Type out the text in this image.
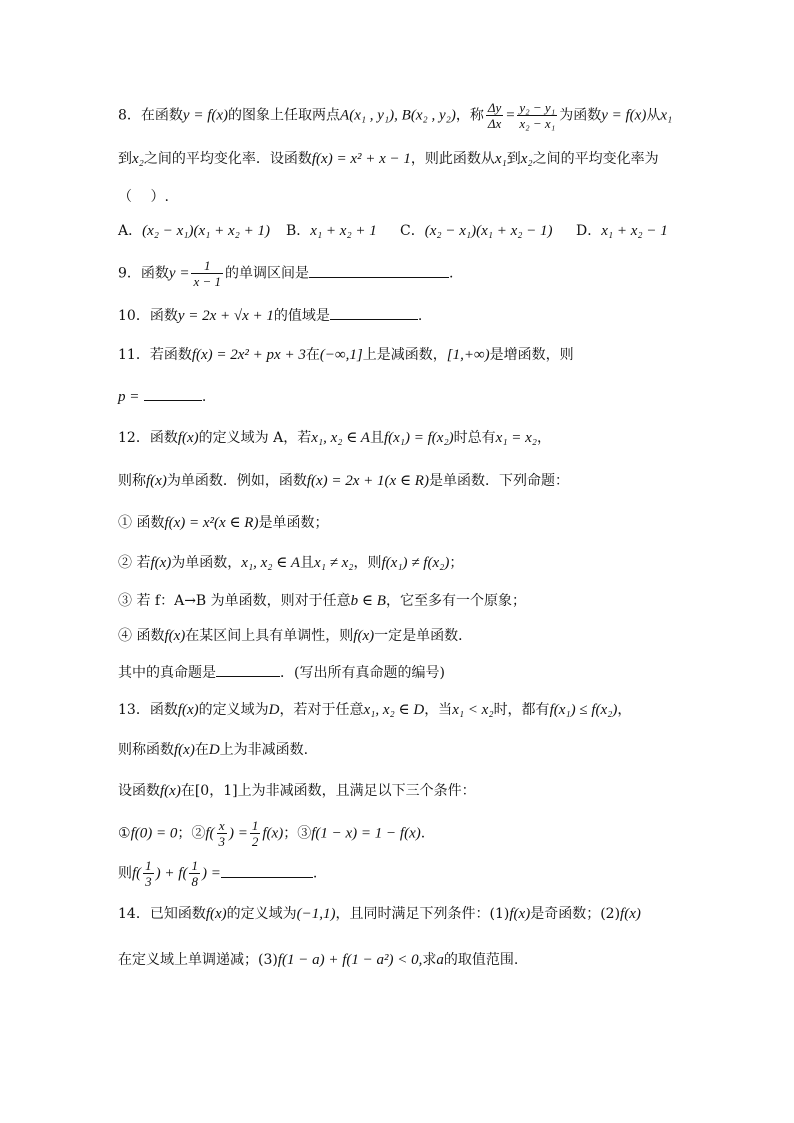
8．在函数y = f(x)的图象上任取两点A(x₁ , y₁), B(x₂ , y₂)，称 $\frac{\Delta y}{\Delta x} = \frac{\text{y₂ − y₁}}{\text{x₂ − x₁}}$ 为函数y = f(x)从x₁
到x₂之间的平均变化率．设函数f(x) = x² + x − 1，则此函数从x₁到x₂之间的平均变化率为
（　 ）.
A．(x₂ − x₁)(x₁ + x₂ + 1) B．x₁ + x₂ + 1 C．(x₂ − x₁)(x₁ + x₂ − 1) D．x₁ + x₂ − 1
9．函数$y = \frac{1}{x - 1}$ 的单调区间是	.
10．函数y = 2x + √x + 1的值域是	.
11．若函数f(x) = 2x² + px + 3在(−∞,1]上是减函数，[1,+∞)是增函数，则
p =	.
12．函数f(x)的定义域为 A，若x₁, x₂ ∈ A且f(x₁) = f(x₂)时总有x₁ = x₂，
则称f(x)为单函数．例如，函数f(x) = 2x + 1(x ∈ R)是单函数．下列命题：
① 函数f(x) = x²(x ∈ R)是单函数；
② 若f(x)为单函数，x₁, x₂ ∈ A且x₁ ≠ x₂，则f(x₁) ≠ f(x₂)；
③ 若 f：A→B 为单函数，则对于任意b ∈ B，它至多有一个原象；
④ 函数f(x)在某区间上具有单调性，则f(x)一定是单函数．
其中的真命题是	．(写出所有真命题的编号)
13．函数f(x)的定义域为D，若对于任意x₁, x₂ ∈ D，当x₁ < x₂时，都有f(x₁) ≤ f(x₂)，
则称函数f(x)在D上为非减函数.
设函数f(x)在[0，1]上为非减函数，且满足以下三个条件：
①f(0) = 0；②f( $\frac{x}{3}$ ) = $\frac{1}{2} f(x)$；③f(1 − x) = 1 − f(x).
则$f( \frac{1}{3}$ ) + $f( \frac{1}{8}$ ) =	.
14．已知函数f(x)的定义域为(−1,1)，且同时满足下列条件：(1)f(x)是奇函数；(2)f(x)
在定义域上单调递减；(3)f(1 − a) + f(1 − a²) < 0,求a的取值范围.
